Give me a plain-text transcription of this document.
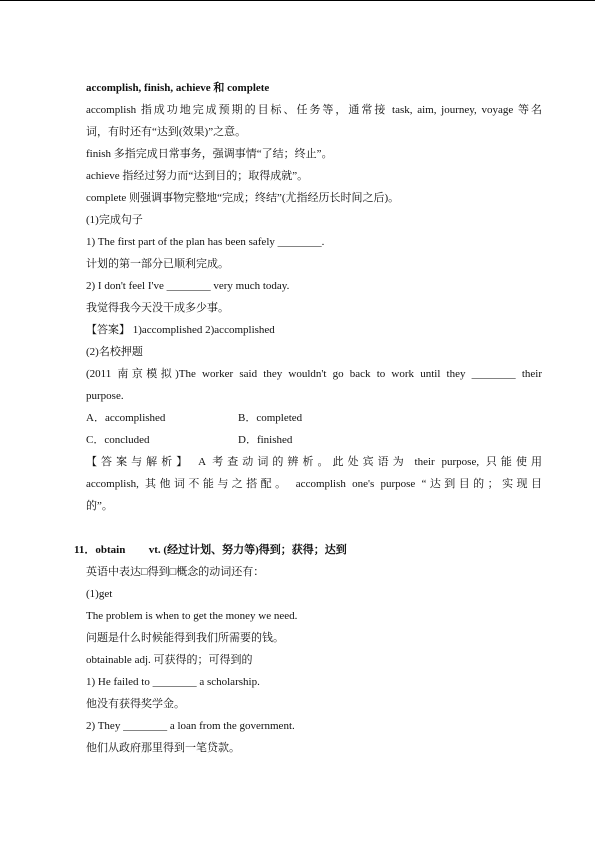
accomplish, finish, achieve 和 complete
accomplish 指成功地完成预期的目标、任务等，通常接 task, aim, journey, voyage 等名
词，有时还有“达到(效果)”之意。
finish 多指完成日常事务，强调事情“了结；终止”。
achieve 指经过努力而“达到目的；取得成就”。
complete 则强调事物完整地“完成；终结”(尤指经历长时间之后)。
(1)完成句子
1) The first part of the plan has been safely ________.
计划的第一部分已顺利完成。
2) I don't feel I've ________ very much today.
我觉得我今天没干成多少事。
【答案】 1)accomplished 2)accomplished
(2)名校押题
(2011 南京模拟)The worker said they wouldn't go back to work until they ________ their
purpose.
A．accomplished	B．completed
C．concluded	D．finished
【答案与解析】 A 考查动词的辨析。此处宾语为 their purpose, 只能使用
accomplish, 其他词不能与之搭配。 accomplish one's purpose “达到目的；实现目
的”。
11．obtain vt. (经过计划、努力等)得到；获得；达到
英语中表达□得到□概念的动词还有：
(1)get
The problem is when to get the money we need.
问题是什么时候能得到我们所需要的钱。
obtainable adj. 可获得的；可得到的
1) He failed to ________ a scholarship.
他没有获得奖学金。
2) They ________ a loan from the government.
他们从政府那里得到一笔贷款。
